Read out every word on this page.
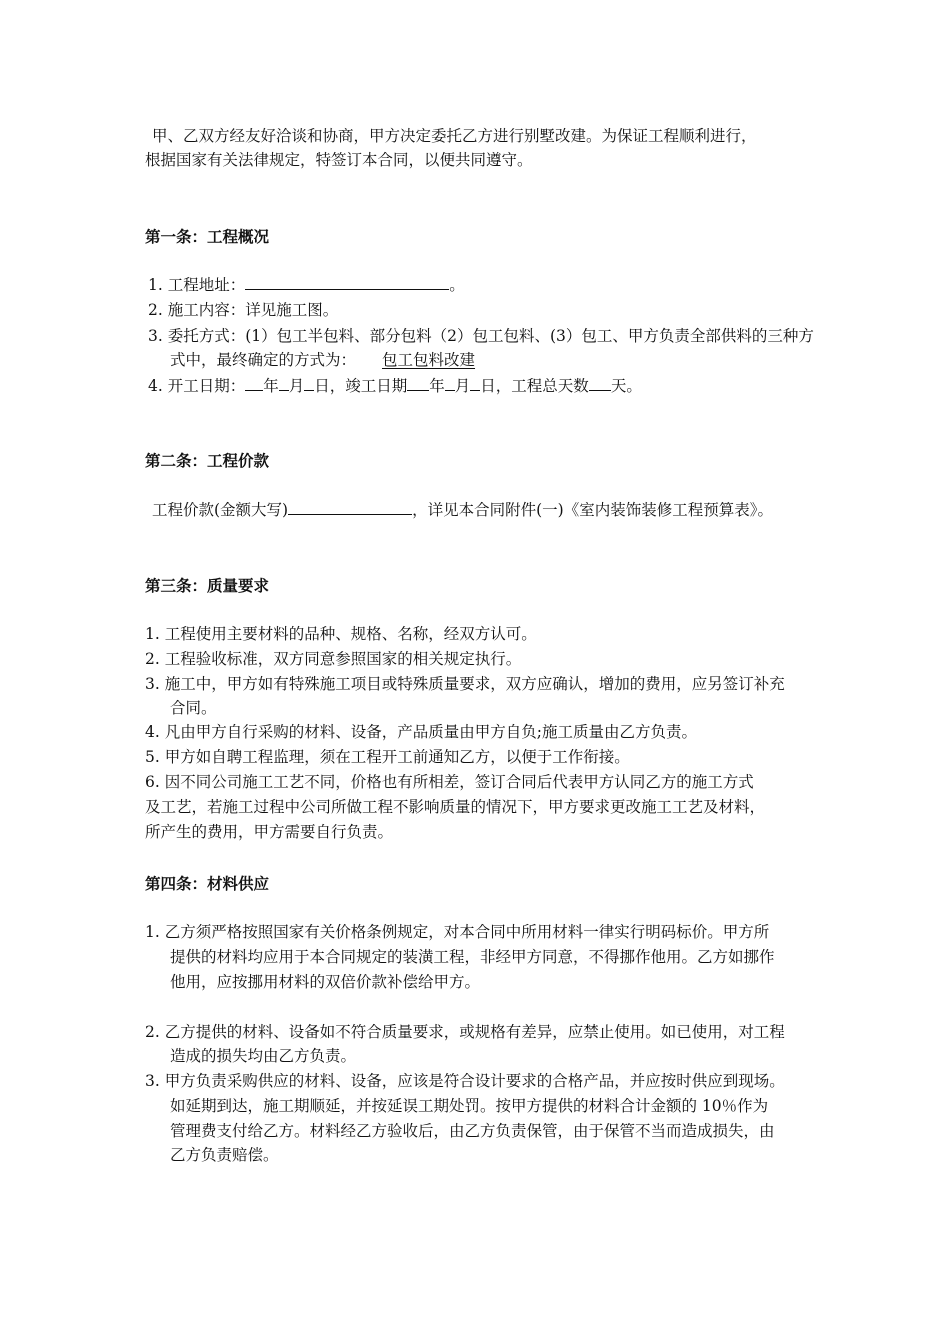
甲、乙双方经友好洽谈和协商，甲方决定委托乙方进行别墅改建。为保证工程顺利进行，
根据国家有关法律规定，特签订本合同，以便共同遵守。
第一条：工程概况
1. 工程地址：	。
2. 施工内容：详见施工图。
3. 委托方式：(1）包工半包料、部分包料（2）包工包料、(3）包工、甲方负责全部供料的三种方
式中，最终确定的方式为： 包工包料改建
4. 开工日期： 年 月 日，竣工日期 年 月 日，工程总天数 天。
第二条：工程价款
工程价款(金额大写)	，详见本合同附件(一)《室内装饰装修工程预算表》。
第三条：质量要求
1. 工程使用主要材料的品种、规格、名称，经双方认可。
2. 工程验收标准，双方同意参照国家的相关规定执行。
3. 施工中，甲方如有特殊施工项目或特殊质量要求，双方应确认，增加的费用，应另签订补充
合同。
4. 凡由甲方自行采购的材料、设备，产品质量由甲方自负;施工质量由乙方负责。
5. 甲方如自聘工程监理，须在工程开工前通知乙方，以便于工作衔接。
6. 因不同公司施工工艺不同，价格也有所相差，签订合同后代表甲方认同乙方的施工方式
及工艺，若施工过程中公司所做工程不影响质量的情况下，甲方要求更改施工工艺及材料，
所产生的费用，甲方需要自行负责。
第四条：材料供应
1. 乙方须严格按照国家有关价格条例规定，对本合同中所用材料一律实行明码标价。甲方所
提供的材料均应用于本合同规定的装潢工程，非经甲方同意，不得挪作他用。乙方如挪作
他用，应按挪用材料的双倍价款补偿给甲方。
2. 乙方提供的材料、设备如不符合质量要求，或规格有差异，应禁止使用。如已使用，对工程
造成的损失均由乙方负责。
3. 甲方负责采购供应的材料、设备，应该是符合设计要求的合格产品，并应按时供应到现场。
如延期到达，施工期顺延，并按延误工期处罚。按甲方提供的材料合计金额的 10％作为
管理费支付给乙方。材料经乙方验收后，由乙方负责保管，由于保管不当而造成损失，由
乙方负责赔偿。
